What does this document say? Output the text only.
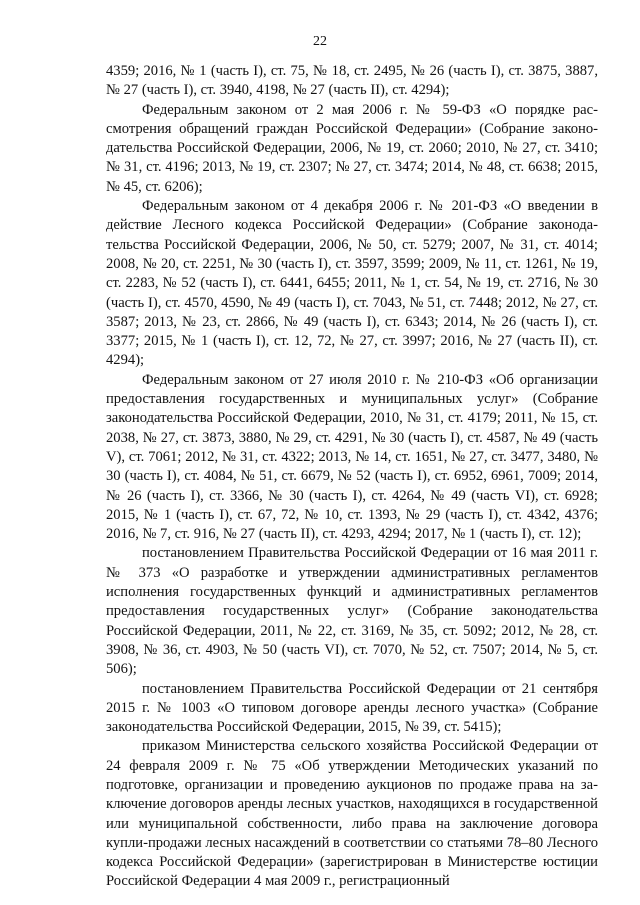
22

4359; 2016, № 1 (часть I), ст. 75, № 18, ст. 2495, № 26 (часть I), ст. 3875, 3887, № 27 (часть I), ст. 3940, 4198, № 27 (часть II), ст. 4294);

Федеральным законом от 2 мая 2006 г. № 59-ФЗ «О порядке рассмотрения обращений граждан Российской Федерации» (Собрание законодательства Российской Федерации, 2006, № 19, ст. 2060; 2010, № 27, ст. 3410; № 31, ст. 4196; 2013, № 19, ст. 2307; № 27, ст. 3474; 2014, № 48, ст. 6638; 2015, № 45, ст. 6206);

Федеральным законом от 4 декабря 2006 г. № 201-ФЗ «О введении в действие Лесного кодекса Российской Федерации» (Собрание законодательства Российской Федерации, 2006, № 50, ст. 5279; 2007, № 31, ст. 4014; 2008, № 20, ст. 2251, № 30 (часть I), ст. 3597, 3599; 2009, № 11, ст. 1261, № 19, ст. 2283, № 52 (часть I), ст. 6441, 6455; 2011, № 1, ст. 54, № 19, ст. 2716, № 30 (часть I), ст. 4570, 4590, № 49 (часть I), ст. 7043, № 51, ст. 7448; 2012, № 27, ст. 3587; 2013, № 23, ст. 2866, № 49 (часть I), ст. 6343; 2014, № 26 (часть I), ст. 3377; 2015, № 1 (часть I), ст. 12, 72, № 27, ст. 3997; 2016, № 27 (часть II), ст. 4294);

Федеральным законом от 27 июля 2010 г. № 210-ФЗ «Об организации предоставления государственных и муниципальных услуг» (Собрание законодательства Российской Федерации, 2010, № 31, ст. 4179; 2011, № 15, ст. 2038, № 27, ст. 3873, 3880, № 29, ст. 4291, № 30 (часть I), ст. 4587, № 49 (часть V), ст. 7061; 2012, № 31, ст. 4322; 2013, № 14, ст. 1651, № 27, ст. 3477, 3480, № 30 (часть I), ст. 4084, № 51, ст. 6679, № 52 (часть I), ст. 6952, 6961, 7009; 2014, № 26 (часть I), ст. 3366, № 30 (часть I), ст. 4264, № 49 (часть VI), ст. 6928; 2015, № 1 (часть I), ст. 67, 72, № 10, ст. 1393, № 29 (часть I), ст. 4342, 4376; 2016, № 7, ст. 916, № 27 (часть II), ст. 4293, 4294; 2017, № 1 (часть I), ст. 12);

постановлением Правительства Российской Федерации от 16 мая 2011 г. № 373 «О разработке и утверждении административных регламентов исполнения государственных функций и административных регламентов предоставления государственных услуг» (Собрание законодательства Российской Федерации, 2011, № 22, ст. 3169, № 35, ст. 5092; 2012, № 28, ст. 3908, № 36, ст. 4903, № 50 (часть VI), ст. 7070, № 52, ст. 7507; 2014, № 5, ст. 506);

постановлением Правительства Российской Федерации от 21 сентября 2015 г. № 1003 «О типовом договоре аренды лесного участка» (Собрание законодательства Российской Федерации, 2015, № 39, ст. 5415);

приказом Министерства сельского хозяйства Российской Федерации от 24 февраля 2009 г. № 75 «Об утверждении Методических указаний по подготовке, организации и проведению аукционов по продаже права на заключение договоров аренды лесных участков, находящихся в государственной или муниципальной собственности, либо права на заключение договора купли-продажи лесных насаждений в соответствии со статьями 78–80 Лесного кодекса Российской Федерации» (зарегистрирован в Министерстве юстиции Российской Федерации 4 мая 2009 г., регистрационный
